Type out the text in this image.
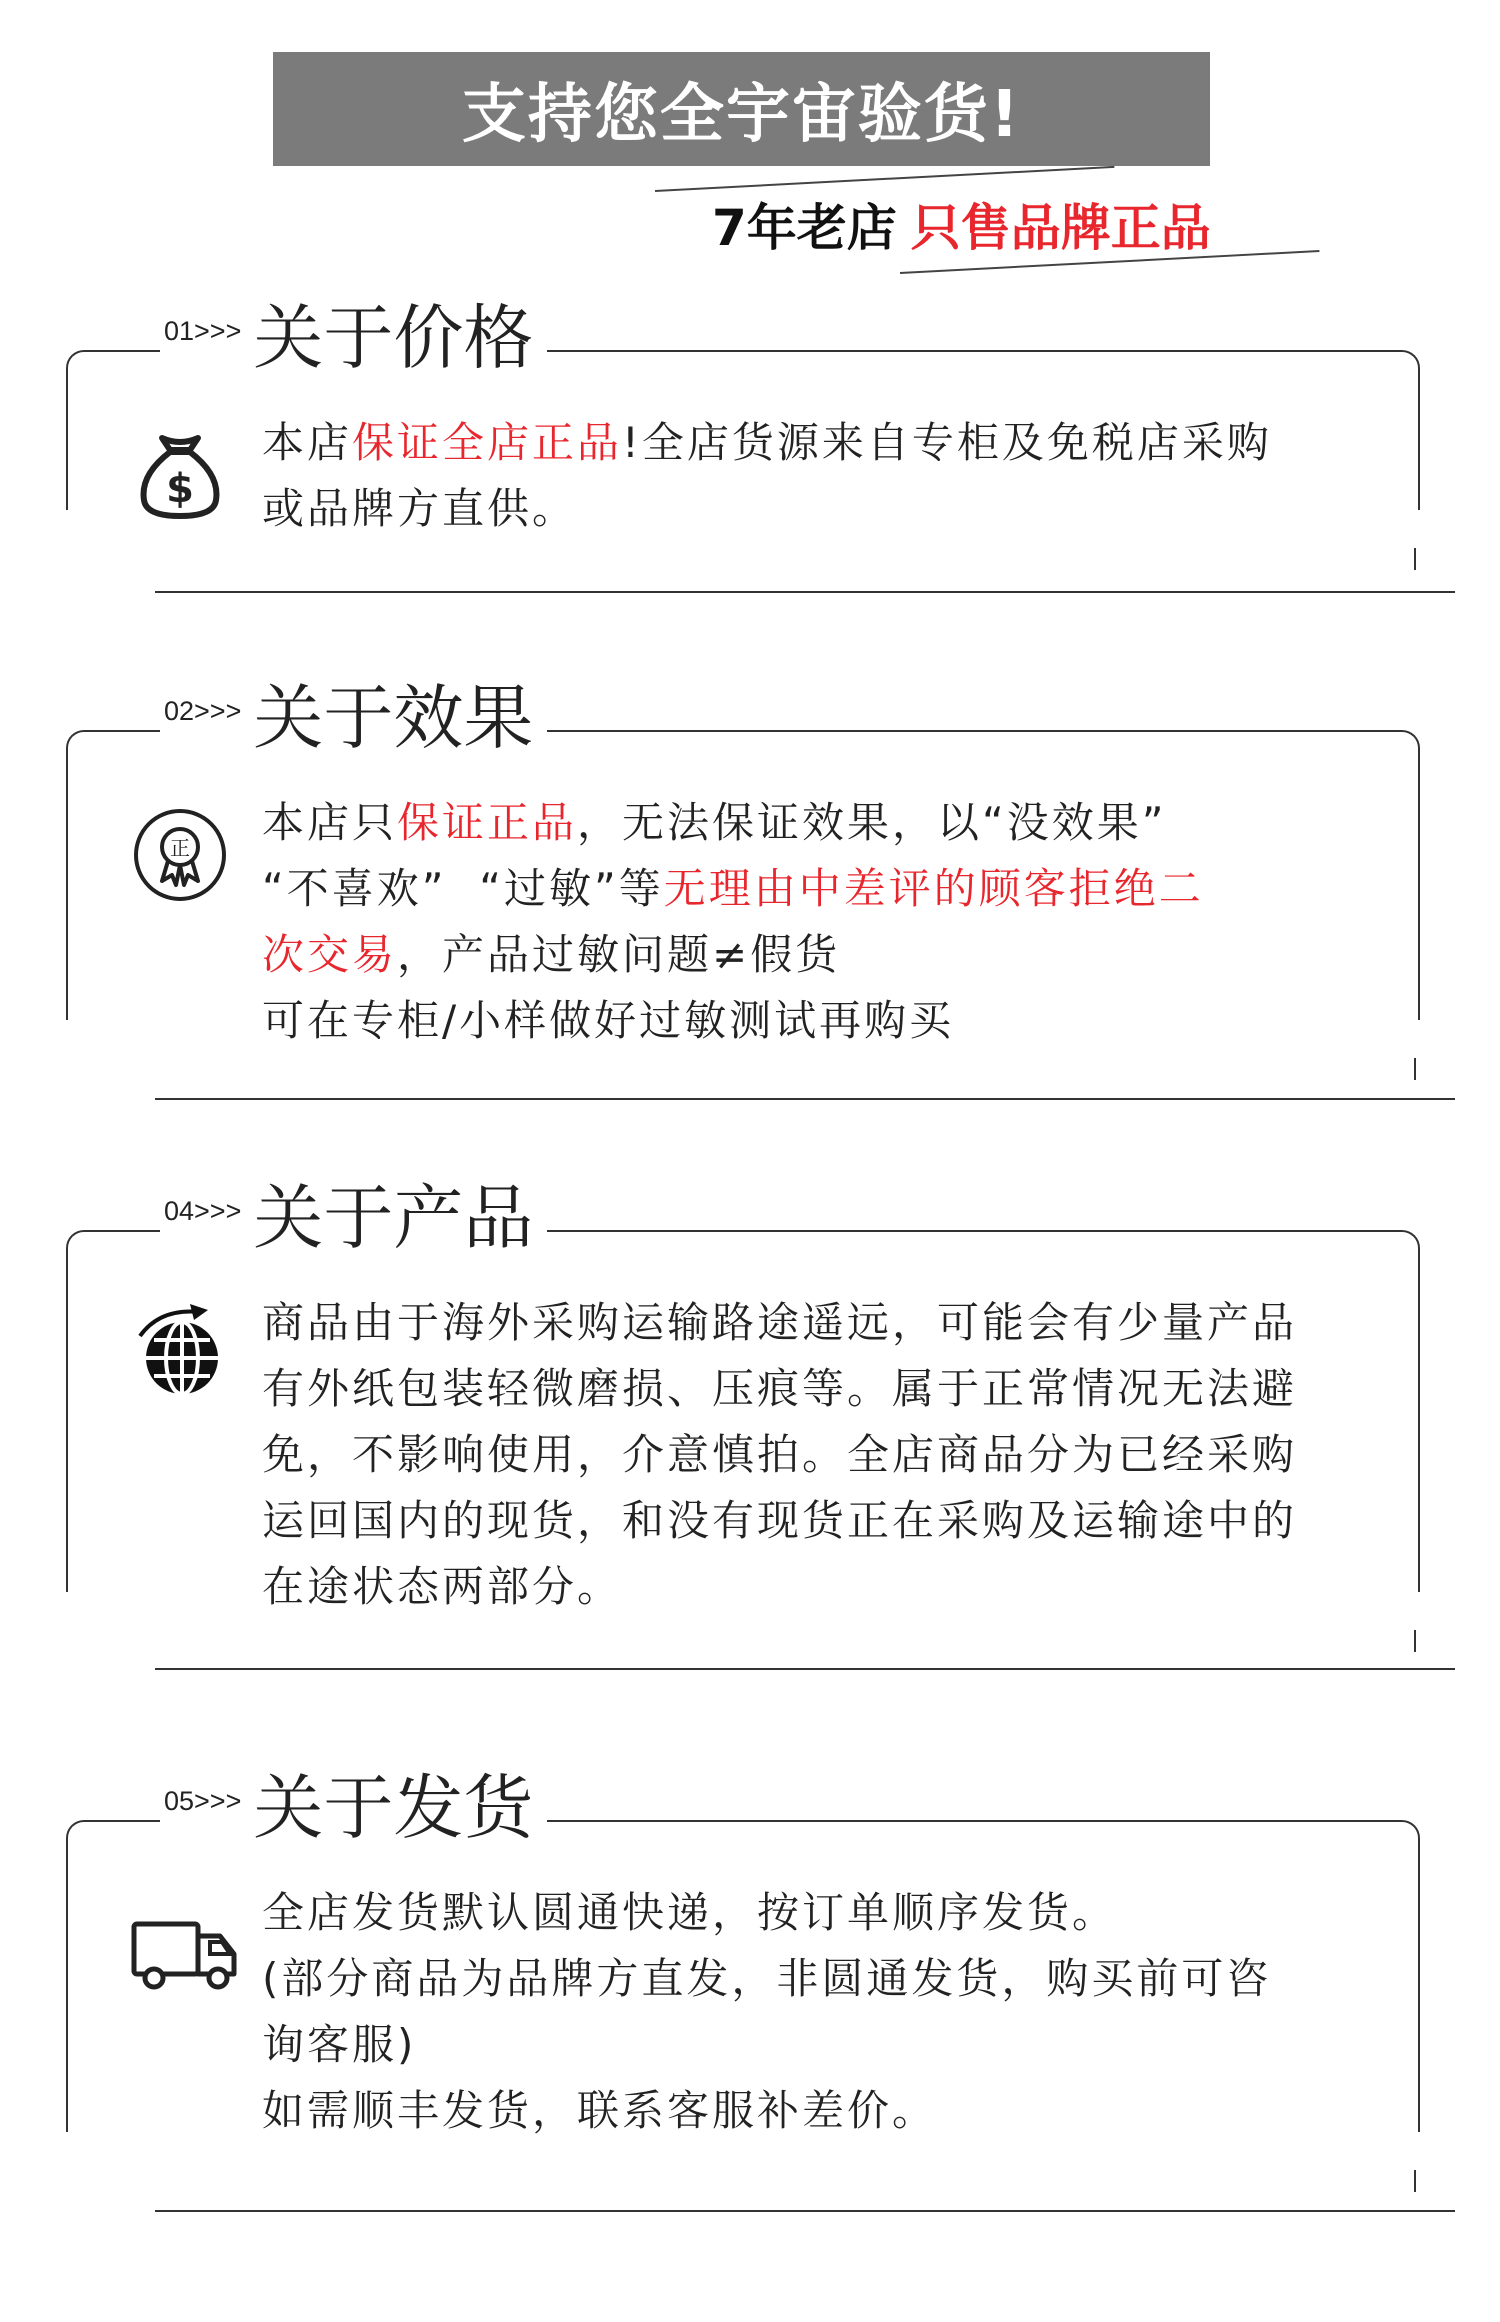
支持您全宇宙验货!
7年老店 只售品牌正品
01>>> 关于价格
$

本店保证全店正品!全店货源来自专柜及免税店采购

或品牌方直供。

02>>> 关于效果
正

本店只保证正品，无法保证效果，以“没效果”

“不喜欢”  “过敏”等无理由中差评的顾客拒绝二

次交易，产品过敏问题≠假货

可在专柜/小样做好过敏测试再购买

04>>> 关于产品

商品由于海外采购运输路途遥远，可能会有少量产品

有外纸包装轻微磨损、压痕等。属于正常情况无法避

免，不影响使用，介意慎拍。全店商品分为已经采购

运回国内的现货，和没有现货正在采购及运输途中的

在途状态两部分。

05>>> 关于发货

全店发货默认圆通快递，按订单顺序发货。

(部分商品为品牌方直发，非圆通发货，购买前可咨

询客服)

如需顺丰发货，联系客服补差价。
